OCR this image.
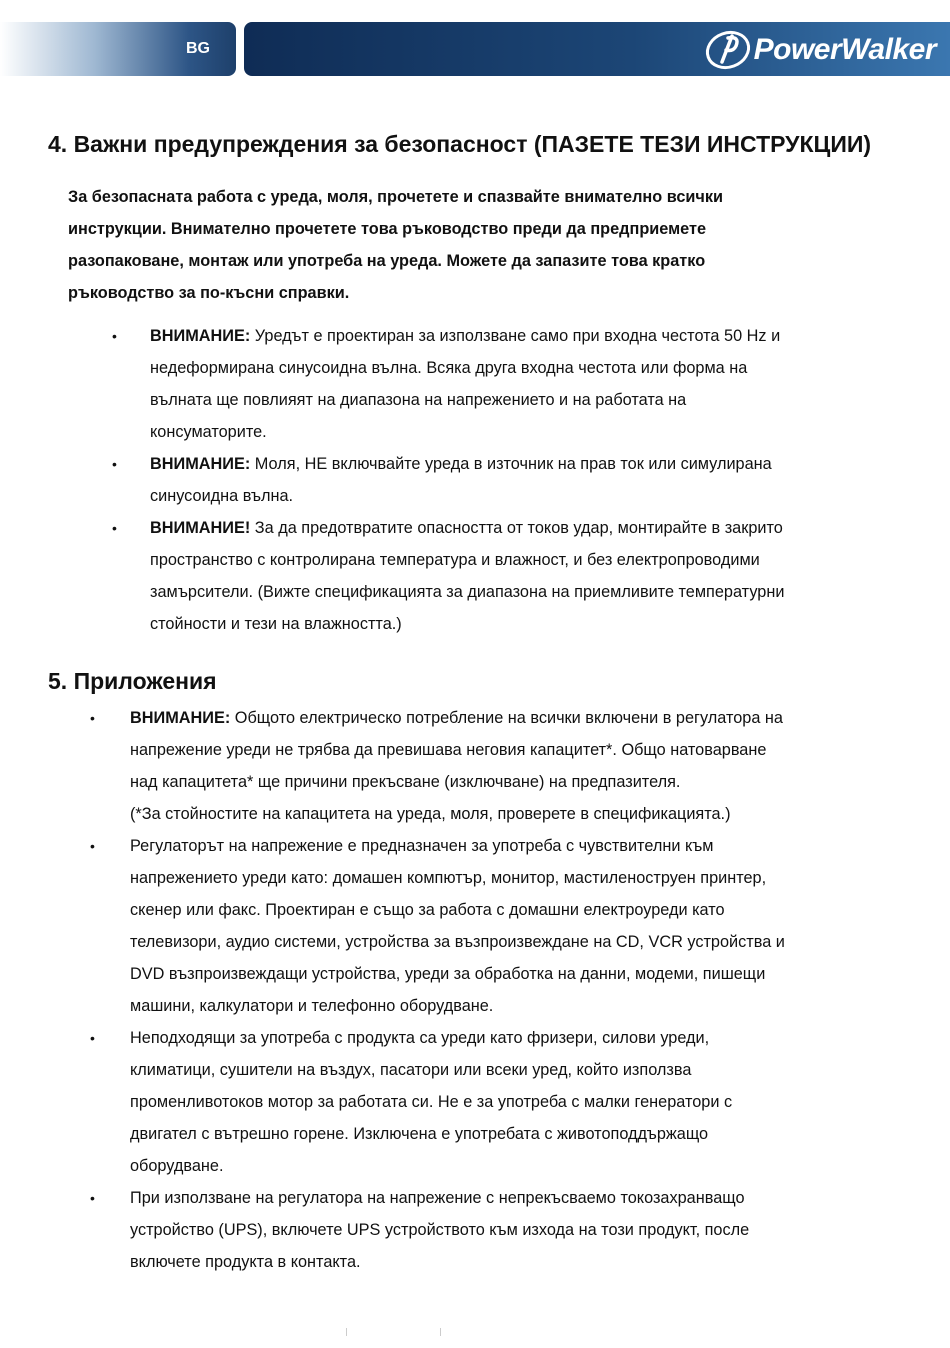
BG	PowerWalker
4. Важни предупреждения за безопасност (ПАЗЕТЕ ТЕЗИ ИНСТРУКЦИИ)
За безопасната работа с уреда, моля, прочетете и спазвайте внимателно всички
инструкции. Внимателно прочетете това ръководство преди да предприемете
разопаковане, монтаж или употреба на уреда. Можете да запазите това кратко
ръководство за по-късни справки.
• ВНИМАНИЕ: Уредът е проектиран за използване само при входна честота 50 Hz и
недеформирана синусоидна вълна. Всяка друга входна честота или форма на
вълната ще повлияят на диапазона на напрежението и на работата на
консуматорите.
• ВНИМАНИЕ: Моля, НЕ включвайте уреда в източник на прав ток или симулирана
синусоидна вълна.
• ВНИМАНИЕ! За да предотвратите опасността от токов удар, монтирайте в закрито
пространство с контролирана температура и влажност, и без електропроводими
замърсители. (Вижте спецификацията за диапазона на приемливите температурни
стойности и тези на влажността.)
5. Приложения
• ВНИМАНИЕ: Общото електрическо потребление на всички включени в регулатора на
напрежение уреди не трябва да превишава неговия капацитет*. Общо натоварване
над капацитета* ще причини прекъсване (изключване) на предпазителя.
(*За стойностите на капацитета на уреда, моля, проверете в спецификацията.)
• Регулаторът на напрежение е предназначен за употреба с чувствителни към
напрежението уреди като: домашен компютър, монитор, мастиленоструен принтер,
скенер или факс. Проектиран е също за работа с домашни електроуреди като
телевизори, аудио системи, устройства за възпроизвеждане на CD, VCR устройства и
DVD възпроизвеждащи устройства, уреди за обработка на данни, модеми, пишещи
машини, калкулатори и телефонно оборудване.
• Неподходящи за употреба с продукта са уреди като фризери, силови уреди,
климатици, сушители на въздух, пасатори или всеки уред, който използва
променливотоков мотор за работата си. Не е за употреба с малки генератори с
двигател с вътрешно горене. Изключена е употребата с животоподдържащо
оборудване.
• При използване на регулатора на напрежение с непрекъсваемо токозахранващо
устройство (UPS), включете UPS устройството към изхода на този продукт, после
включете продукта в контакта.
